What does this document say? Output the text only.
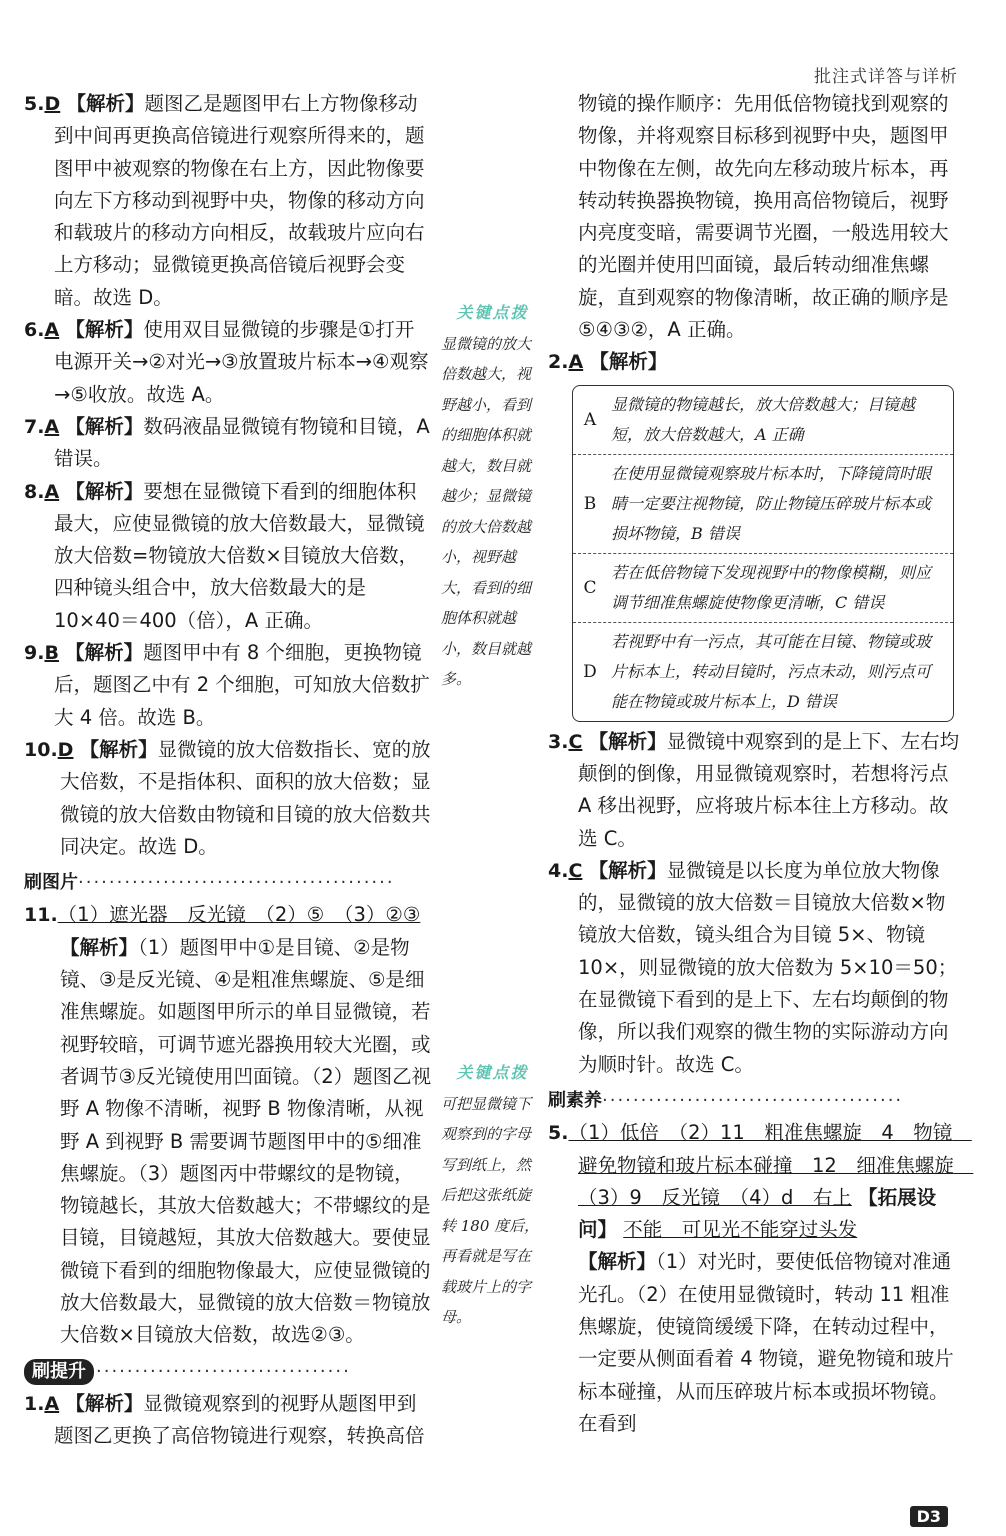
批注式详答与详析

5.D 【解析】题图乙是题图甲右上方物像移动到中间再更换高倍镜进行观察所得来的，题图甲中被观察的物像在右上方，因此物像要向左下方移动到视野中央，物像的移动方向和载玻片的移动方向相反，故载玻片应向右上方移动；显微镜更换高倍镜后视野会变暗。故选 D。

6.A 【解析】使用双目显微镜的步骤是①打开电源开关→②对光→③放置玻片标本→④观察→⑤收放。故选 A。

7.A 【解析】数码液晶显微镜有物镜和目镜，A 错误。

8.A 【解析】要想在显微镜下看到的细胞体积最大，应使显微镜的放大倍数最大，显微镜放大倍数=物镜放大倍数×目镜放大倍数，四种镜头组合中，放大倍数最大的是 10×40＝400（倍），A 正确。

9.B 【解析】题图甲中有 8 个细胞，更换物镜后，题图乙中有 2 个细胞，可知放大倍数扩大 4 倍。故选 B。

10.D 【解析】显微镜的放大倍数指长、宽的放大倍数，不是指体积、面积的放大倍数；显微镜的放大倍数由物镜和目镜的放大倍数共同决定。故选 D。

刷图片·········································

11.（1）遮光器　反光镜　（2）⑤　（3）②③
【解析】（1）题图甲中①是目镜、②是物镜、③是反光镜、④是粗准焦螺旋、⑤是细准焦螺旋。如题图甲所示的单目显微镜，若视野较暗，可调节遮光器换用较大光圈，或者调节③反光镜使用凹面镜。（2）题图乙视野 A 物像不清晰，视野 B 物像清晰，从视野 A 到视野 B 需要调节题图甲中的⑤细准焦螺旋。（3）题图丙中带螺纹的是物镜，物镜越长，其放大倍数越大；不带螺纹的是目镜，目镜越短，其放大倍数越大。要使显微镜下看到的细胞物像最大，应使显微镜的放大倍数最大，显微镜的放大倍数＝物镜放大倍数×目镜放大倍数，故选②③。

刷提升 ·································

1.A 【解析】显微镜观察到的视野从题图甲到题图乙更换了高倍物镜进行观察，转换高倍

关键点拨
显微镜的放大倍数越大，视野越小，看到的细胞体积就越大，数目就越少；显微镜的放大倍数越小，视野越大，看到的细胞体积就越小，数目就越多。
关键点拨
可把显微镜下观察到的字母写到纸上，然后把这张纸旋转 180 度后，再看就是写在载玻片上的字母。

物镜的操作顺序：先用低倍物镜找到观察的物像，并将观察目标移到视野中央，题图甲中物像在左侧，故先向左移动玻片标本，再转动转换器换物镜，换用高倍物镜后，视野内亮度变暗，需要调节光圈，一般选用较大的光圈并使用凹面镜，最后转动细准焦螺旋，直到观察的物像清晰，故正确的顺序是⑤④③②，A 正确。

2.A 【解析】

A
显微镜的物镜越长，放大倍数越大；目镜越短，放大倍数越大，A 正确
B
在使用显微镜观察玻片标本时，下降镜筒时眼睛一定要注视物镜，防止物镜压碎玻片标本或损坏物镜，B 错误
C
若在低倍物镜下发现视野中的物像模糊，则应调节细准焦螺旋使物像更清晰，C 错误
D
若视野中有一污点，其可能在目镜、物镜或玻片标本上，转动目镜时，污点未动，则污点可能在物镜或玻片标本上，D 错误

3.C 【解析】显微镜中观察到的是上下、左右均颠倒的倒像，用显微镜观察时，若想将污点 A 移出视野，应将玻片标本往上方移动。故选 C。

4.C 【解析】显微镜是以长度为单位放大物像的，显微镜的放大倍数＝目镜放大倍数×物镜放大倍数，镜头组合为目镜 5×、物镜 10×，则显微镜的放大倍数为 5×10＝50；在显微镜下看到的是上下、左右均颠倒的物像，所以我们观察的微生物的实际游动方向为顺时针。故选 C。

刷素养·······································

5.（1）低倍　（2）11　粗准焦螺旋　4　物镜　避免物镜和玻片标本碰撞　12　细准焦螺旋　（3）9　反光镜　（4）d　右上 【拓展设问】 不能　可见光不能穿过头发
【解析】（1）对光时，要使低倍物镜对准通光孔。（2）在使用显微镜时，转动 11 粗准焦螺旋，使镜筒缓缓下降，在转动过程中，一定要从侧面看着 4 物镜，避免物镜和玻片标本碰撞，从而压碎玻片标本或损坏物镜。在看到

D3
